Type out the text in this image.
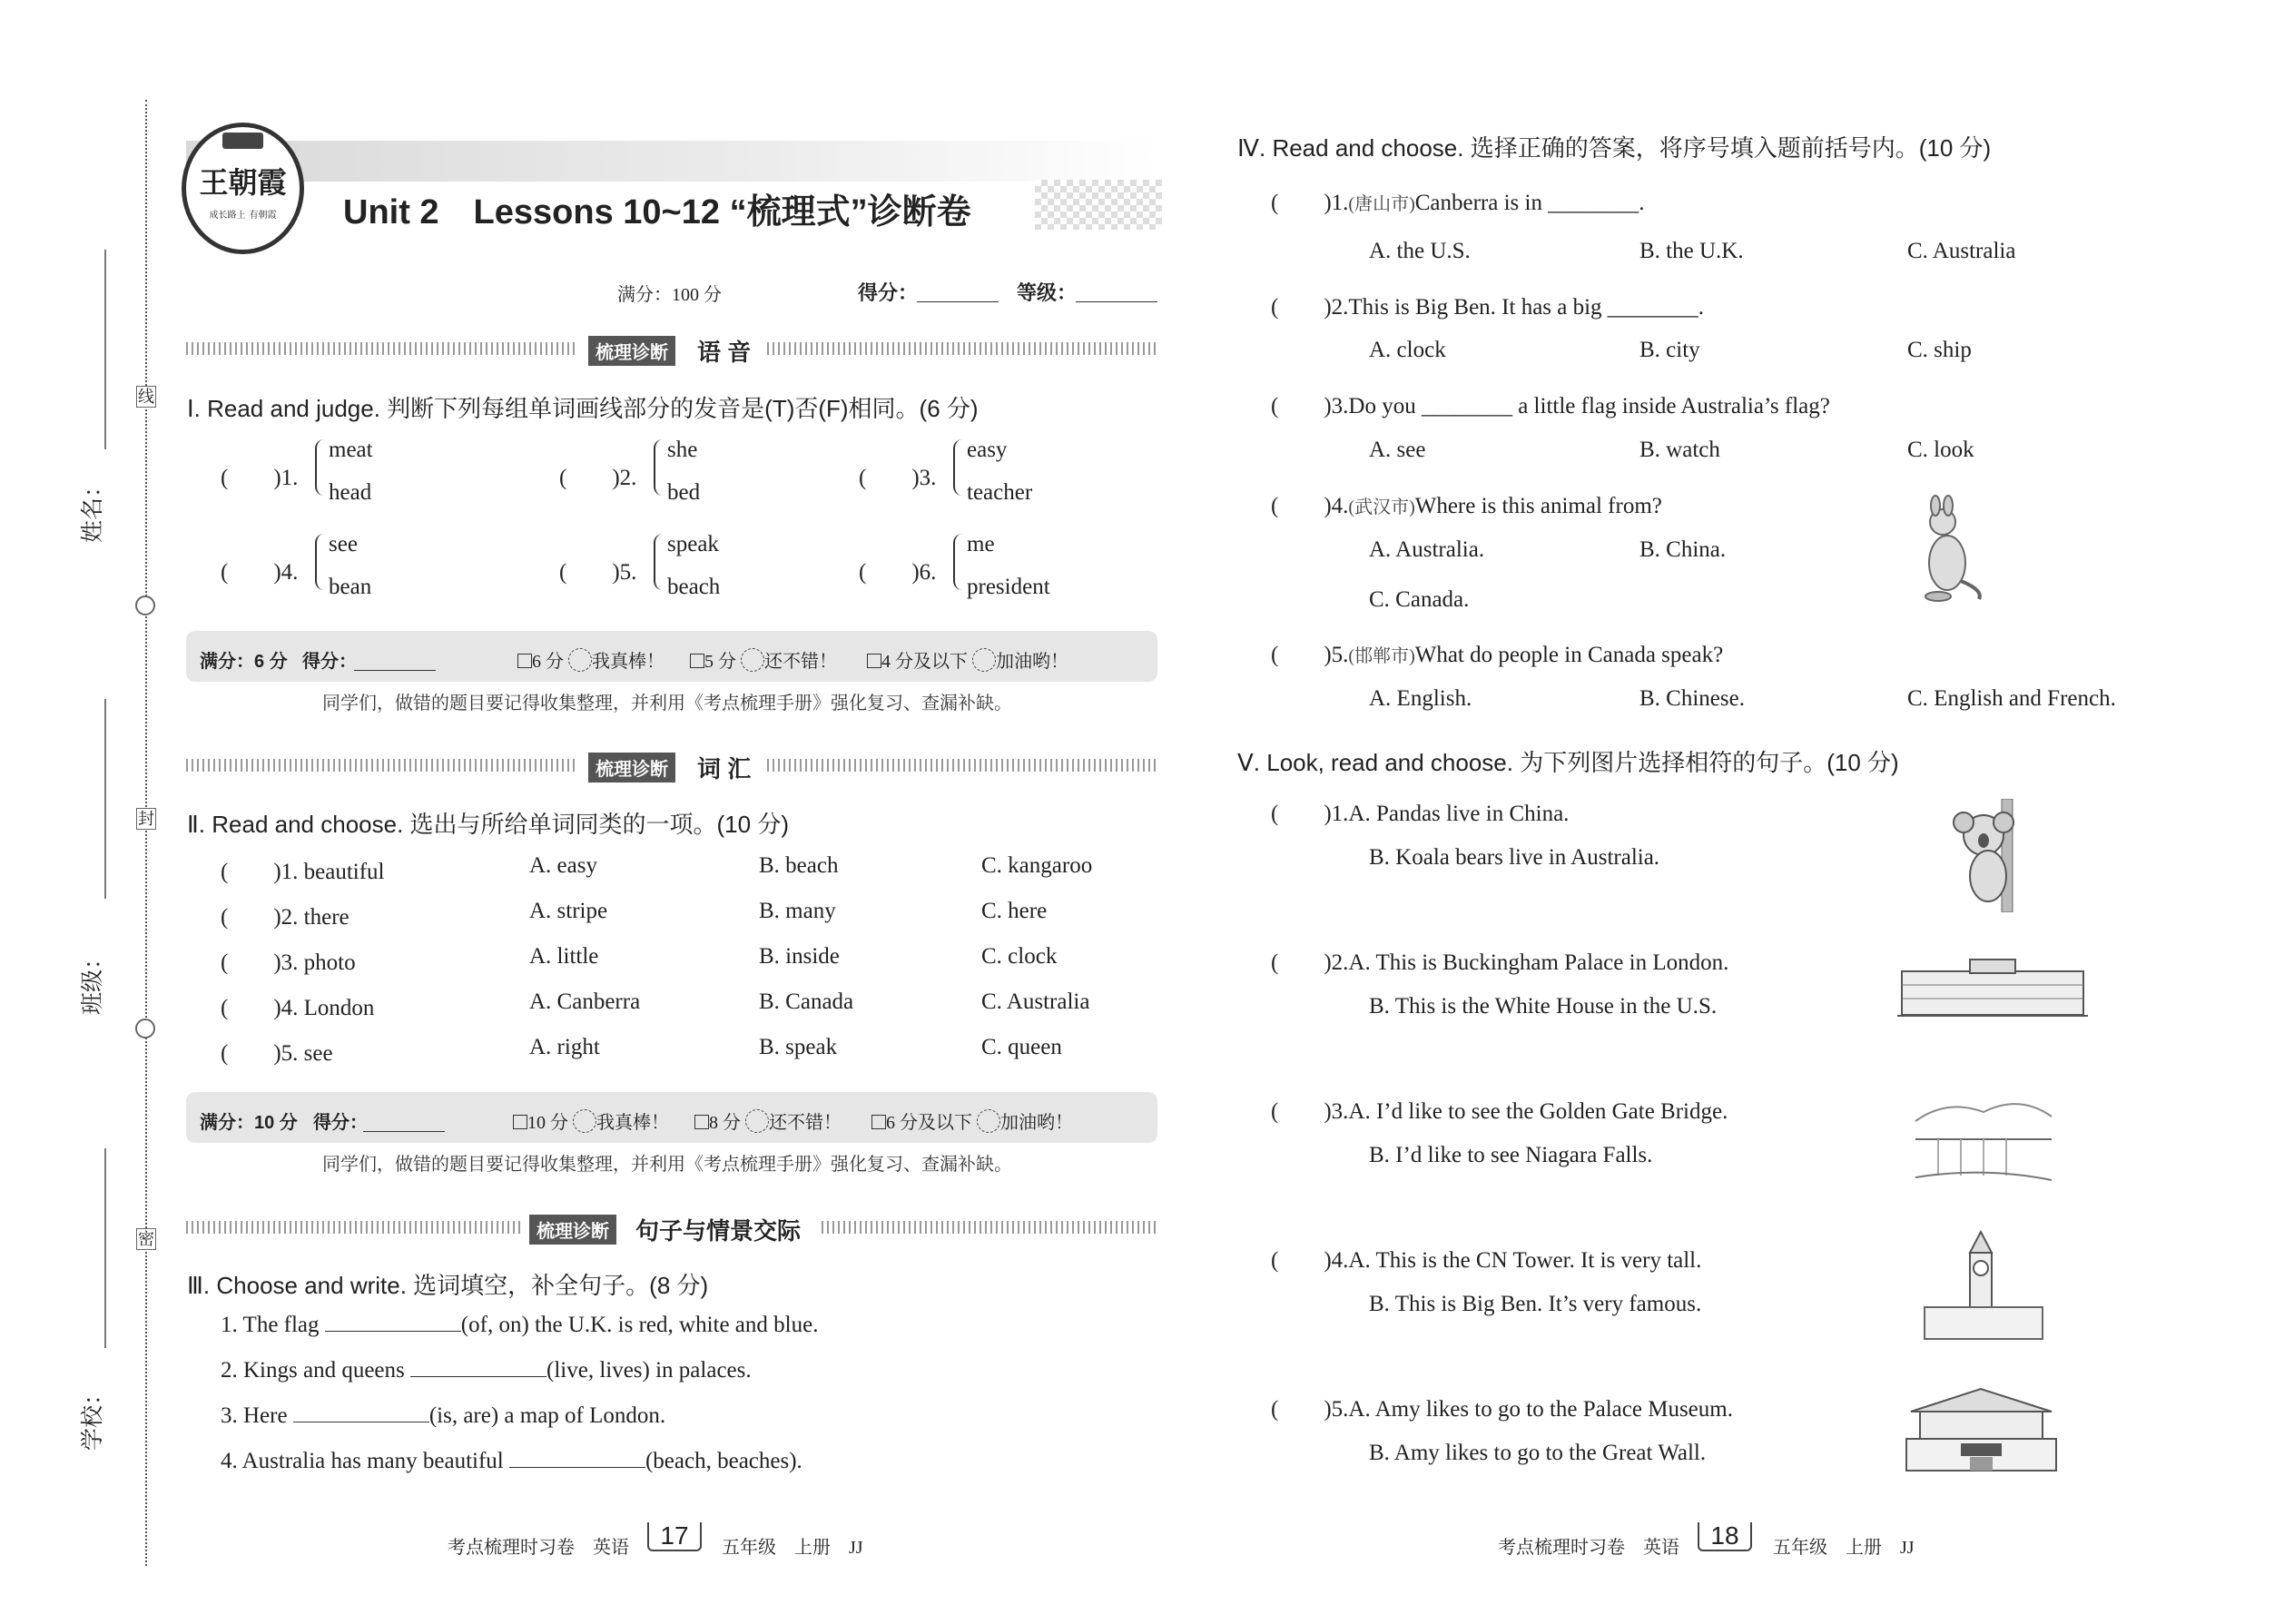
线
封
密
姓名：
班级：
学校：
王朝霞
成长路上 有朝霞	Unit 2　Lessons 10~12 “梳理式”诊断卷
满分：100 分	得分：	等级：
梳理诊断	语 音
Ⅰ. Read and judge. 判断下列每组单词画线部分的发音是(T)否(F)相同。(6 分)
(　　)1.
meat
head
(　　)2.
she
bed
(　　)3.
easy
teacher
(　　)4.
see
bean
(　　)5.
speak
beach
(　　)6.
me
president
满分：6 分 得分：	6 分 我真棒！	5 分 还不错！	4 分及以下 加油哟！
同学们，做错的题目要记得收集整理，并利用《考点梳理手册》强化复习、查漏补缺。
梳理诊断	词 汇
Ⅱ. Read and choose. 选出与所给单词同类的一项。(10 分)
(　　)1. beautiful	A. easy	B. beach	C. kangaroo
(　　)2. there	A. stripe	B. many	C. here
(　　)3. photo	A. little	B. inside	C. clock
(　　)4. London	A. Canberra	B. Canada	C. Australia
(　　)5. see	A. right	B. speak	C. queen
满分：10 分 得分：	10 分 我真棒！	8 分 还不错！	6 分及以下 加油哟！
同学们，做错的题目要记得收集整理，并利用《考点梳理手册》强化复习、查漏补缺。
梳理诊断	句子与情景交际
Ⅲ. Choose and write. 选词填空，补全句子。(8 分)
1. The flag	(of, on) the U.K. is red, white and blue.
2. Kings and queens	(live, lives) in palaces.
3. Here	(is, are) a map of London.
4. Australia has many beautiful	(beach, beaches).
考点梳理时习卷　英语	17	五年级　上册　JJ
Ⅳ. Read and choose. 选择正确的答案，将序号填入题前括号内。(10 分)
(　　)1.(唐山市)Canberra is in ________.
A. the U.S.	B. the U.K.	C. Australia
(　　)2.This is Big Ben. It has a big ________.
A. clock	B. city	C. ship
(　　)3.Do you ________ a little flag inside Australia’s flag?
A. see	B. watch	C. look
(　　)4.(武汉市)Where is this animal from?
A. Australia.	B. China.
C. Canada.
(　　)5.(邯郸市)What do people in Canada speak?
A. English.	B. Chinese.	C. English and French.
Ⅴ. Look, read and choose. 为下列图片选择相符的句子。(10 分)
(　　)1.A. Pandas live in China.
B. Koala bears live in Australia.
(　　)2.A. This is Buckingham Palace in London.
B. This is the White House in the U.S.
(　　)3.A. I’d like to see the Golden Gate Bridge.
B. I’d like to see Niagara Falls.
(　　)4.A. This is the CN Tower. It is very tall.
B. This is Big Ben. It’s very famous.
(　　)5.A. Amy likes to go to the Palace Museum.
B. Amy likes to go to the Great Wall.
考点梳理时习卷　英语	18	五年级　上册　JJ
